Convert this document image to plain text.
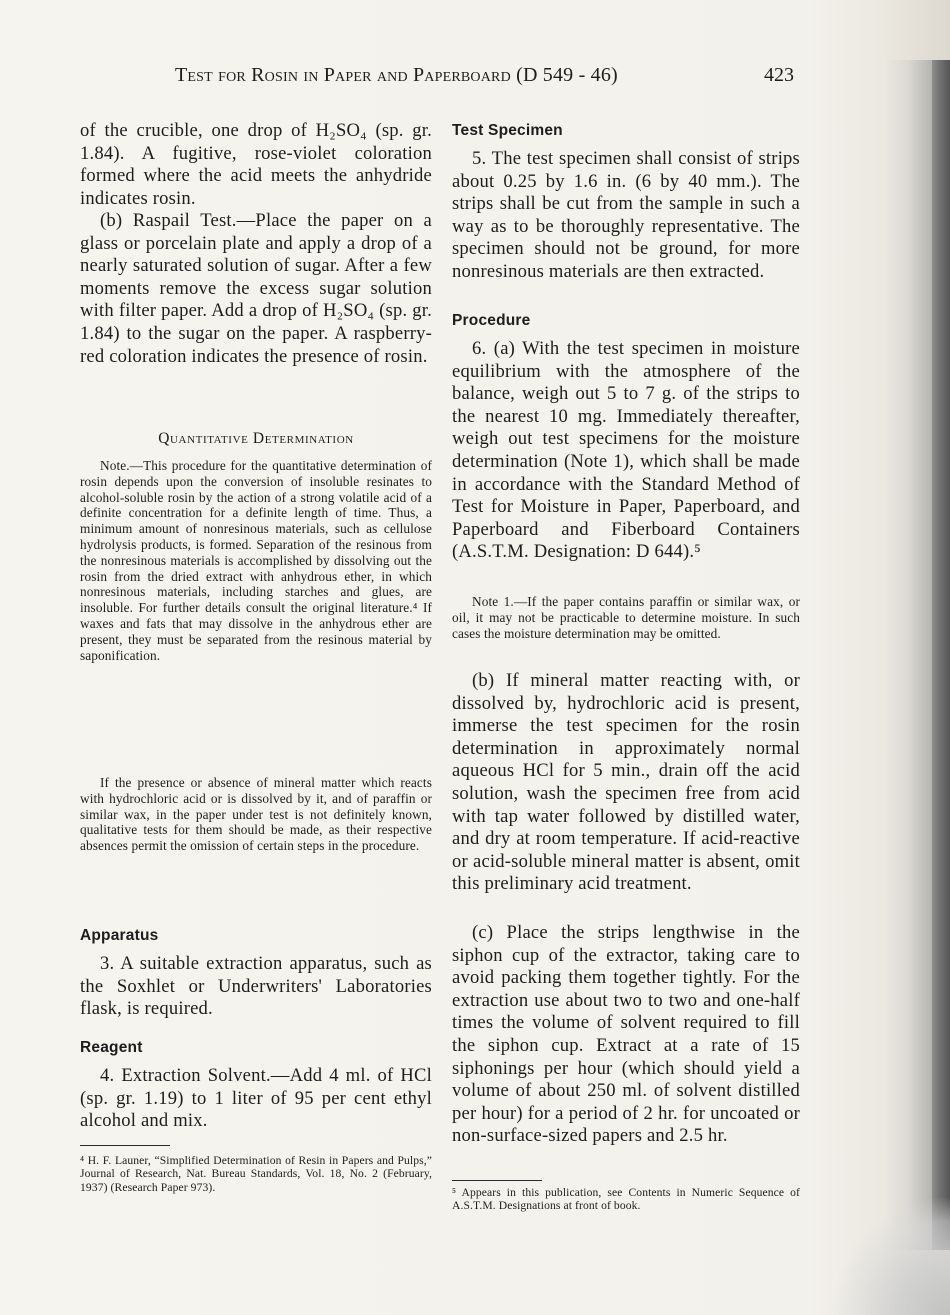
Test for Rosin in Paper and Paperboard (D 549 - 46)	423

of the crucible, one drop of H₂SO₄ (sp. gr. 1.84). A fugitive, rose-violet coloration formed where the acid meets the anhydride indicates rosin.

(b) Raspail Test.—Place the paper on a glass or porcelain plate and apply a drop of a nearly saturated solution of sugar. After a few moments remove the excess sugar solution with filter paper. Add a drop of H₂SO₄ (sp. gr. 1.84) to the sugar on the paper. A raspberry-red coloration indicates the presence of rosin.

Quantitative Determination

Note.—This procedure for the quantitative determination of rosin depends upon the conversion of insoluble resinates to alcohol-soluble rosin by the action of a strong volatile acid of a definite concentration for a definite length of time. Thus, a minimum amount of nonresinous materials, such as cellulose hydrolysis products, is formed. Separation of the resinous from the nonresinous materials is accomplished by dissolving out the rosin from the dried extract with anhydrous ether, in which nonresinous materials, including starches and glues, are insoluble. For further details consult the original literature.⁴ If waxes and fats that may dissolve in the anhydrous ether are present, they must be separated from the resinous material by saponification.

If the presence or absence of mineral matter which reacts with hydrochloric acid or is dissolved by it, and of paraffin or similar wax, in the paper under test is not definitely known, qualitative tests for them should be made, as their respective absences permit the omission of certain steps in the procedure.

Apparatus

3. A suitable extraction apparatus, such as the Soxhlet or Underwriters' Laboratories flask, is required.

Reagent

4. Extraction Solvent.—Add 4 ml. of HCl (sp. gr. 1.19) to 1 liter of 95 per cent ethyl alcohol and mix.

⁴ H. F. Launer, “Simplified Determination of Resin in Papers and Pulps,” Journal of Research, Nat. Bureau Standards, Vol. 18, No. 2 (February, 1937) (Research Paper 973).

Test Specimen

5. The test specimen shall consist of strips about 0.25 by 1.6 in. (6 by 40 mm.). The strips shall be cut from the sample in such a way as to be thoroughly representative. The specimen should not be ground, for more nonresinous materials are then extracted.

Procedure

6. (a) With the test specimen in moisture equilibrium with the atmosphere of the balance, weigh out 5 to 7 g. of the strips to the nearest 10 mg. Immediately thereafter, weigh out test specimens for the moisture determination (Note 1), which shall be made in accordance with the Standard Method of Test for Moisture in Paper, Paperboard, and Paperboard and Fiberboard Containers (A.S.T.M. Designation: D 644).⁵

Note 1.—If the paper contains paraffin or similar wax, or oil, it may not be practicable to determine moisture. In such cases the moisture determination may be omitted.

(b) If mineral matter reacting with, or dissolved by, hydrochloric acid is present, immerse the test specimen for the rosin determination in approximately normal aqueous HCl for 5 min., drain off the acid solution, wash the specimen free from acid with tap water followed by distilled water, and dry at room temperature. If acid-reactive or acid-soluble mineral matter is absent, omit this preliminary acid treatment.

(c) Place the strips lengthwise in the siphon cup of the extractor, taking care to avoid packing them together tightly. For the extraction use about two to two and one-half times the volume of solvent required to fill the siphon cup. Extract at a rate of 15 siphonings per hour (which should yield a volume of about 250 ml. of solvent distilled per hour) for a period of 2 hr. for uncoated or non-surface-sized papers and 2.5 hr.

⁵ Appears in this publication, see Contents in Numeric Sequence of A.S.T.M. Designations at front of book.
